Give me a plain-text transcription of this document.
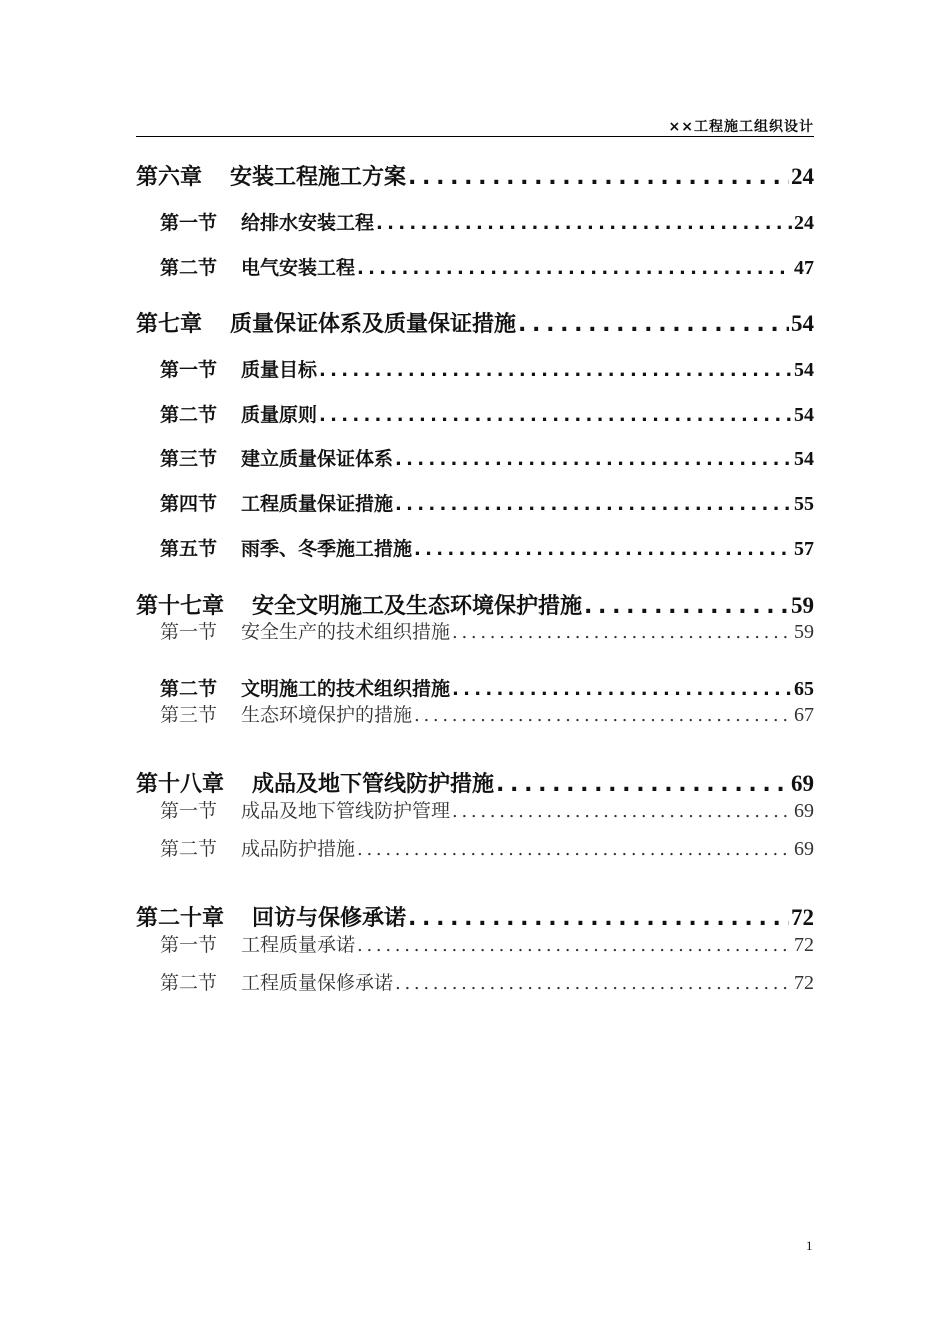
××工程施工组织设计
第六章 安装工程施工方案 . . .	24
第一节 给排水安装工程 . . .	24
第二节 电气安装工程 . . .	47
第七章 质量保证体系及质量保证措施 . . .	54
第一节 质量目标 . . .	54
第二节 质量原则 . . .	54
第三节 建立质量保证体系 . . .	54
第四节 工程质量保证措施 . . .	55
第五节 雨季、冬季施工措施 . . .	57
第十七章 安全文明施工及生态环境保护措施 . . .	59
第一节 安全生产的技术组织措施 . . .	59
第二节 文明施工的技术组织措施 . . .	65
第三节 生态环境保护的措施 . . .	67
第十八章 成品及地下管线防护措施 . . .	69
第一节 成品及地下管线防护管理 . . .	69
第二节 成品防护措施 . . .	69
第二十章 回访与保修承诺 . . .	72
第一节 工程质量承诺 . . .	72
第二节 工程质量保修承诺 . . .	72
1
